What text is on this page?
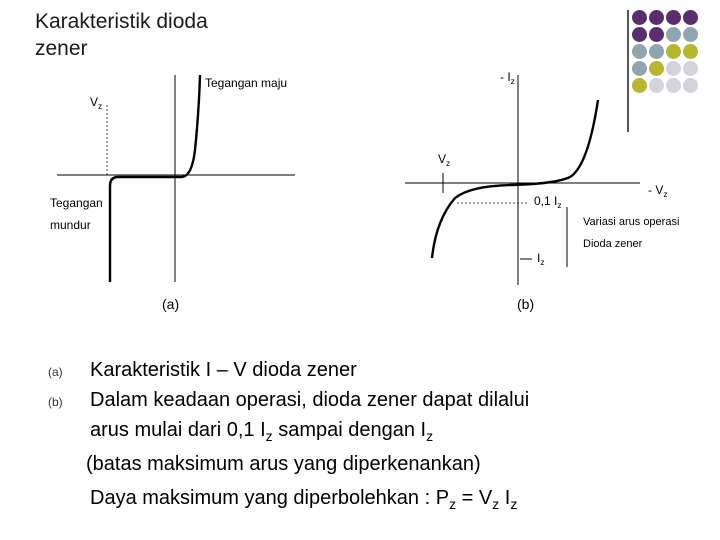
Karakteristik dioda
zener
Tegangan maju
$V_z$
Tegangan
mundur
(a)
- $I_z$
$V_z$
- $V_z$
0,1 $I_z$
Variasi arus operasi
Dioda zener
$I_z$
(b)
(a)
(b)
Karakteristik I – V dioda zener
Dalam keadaan operasi, dioda zener dapat dilalui
arus mulai dari 0,1 $I_z$ sampai dengan $I_z$
(batas maksimum arus yang diperkenankan)
Daya maksimum yang diperbolehkan : $P_z = V_z$ $I_z$
